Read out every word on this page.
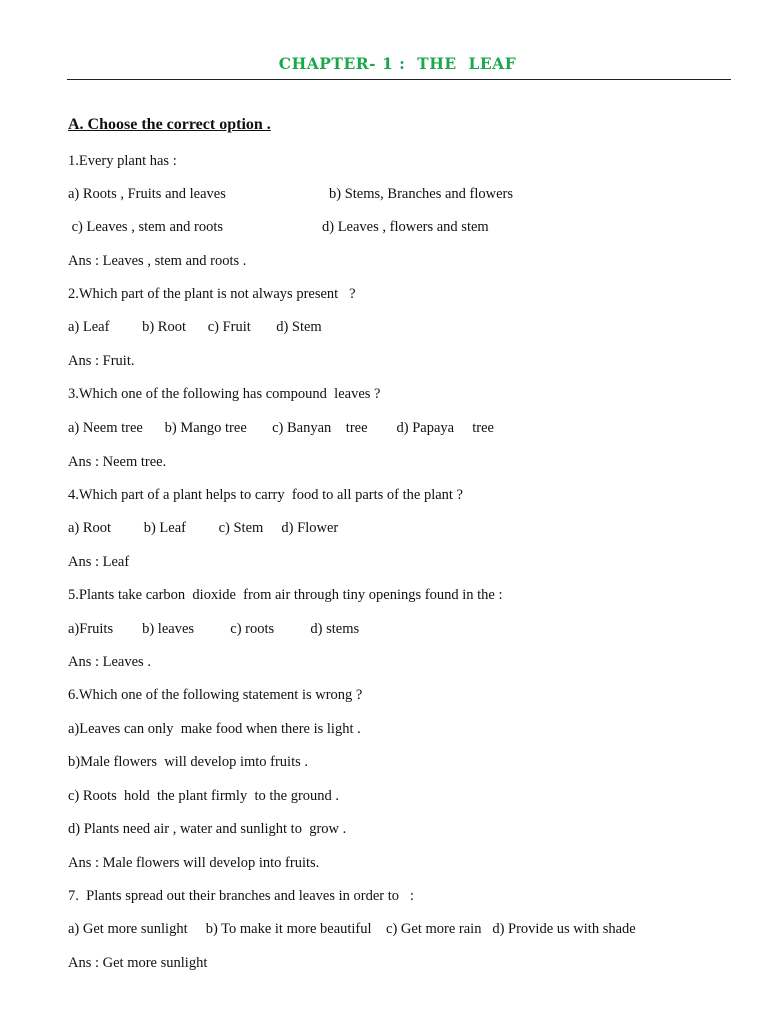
CHAPTER- 1 :  THE  LEAF
A. Choose the correct option .
1.Every plant has :
a) Roots , Fruits and leaves	b) Stems, Branches and flowers
c) Leaves , stem and roots	d) Leaves , flowers and stem
Ans : Leaves , stem and roots .
2.Which part of the plant is not always present   ?
a) Leaf         b) Root      c) Fruit       d) Stem
Ans : Fruit.
3.Which one of the following has compound  leaves ?
a) Neem tree      b) Mango tree       c) Banyan    tree        d) Papaya     tree
Ans : Neem tree.
4.Which part of a plant helps to carry  food to all parts of the plant ?
a) Root         b) Leaf         c) Stem     d) Flower
Ans : Leaf
5.Plants take carbon  dioxide  from air through tiny openings found in the :
a)Fruits        b) leaves          c) roots          d) stems
Ans : Leaves .
6.Which one of the following statement is wrong ?
a)Leaves can only  make food when there is light .
b)Male flowers  will develop imto fruits .
c) Roots  hold  the plant firmly  to the ground .
d) Plants need air , water and sunlight to  grow .
Ans : Male flowers will develop into fruits.
7.  Plants spread out their branches and leaves in order to   :
a) Get more sunlight     b) To make it more beautiful    c) Get more rain   d) Provide us with shade
Ans : Get more sunlight
